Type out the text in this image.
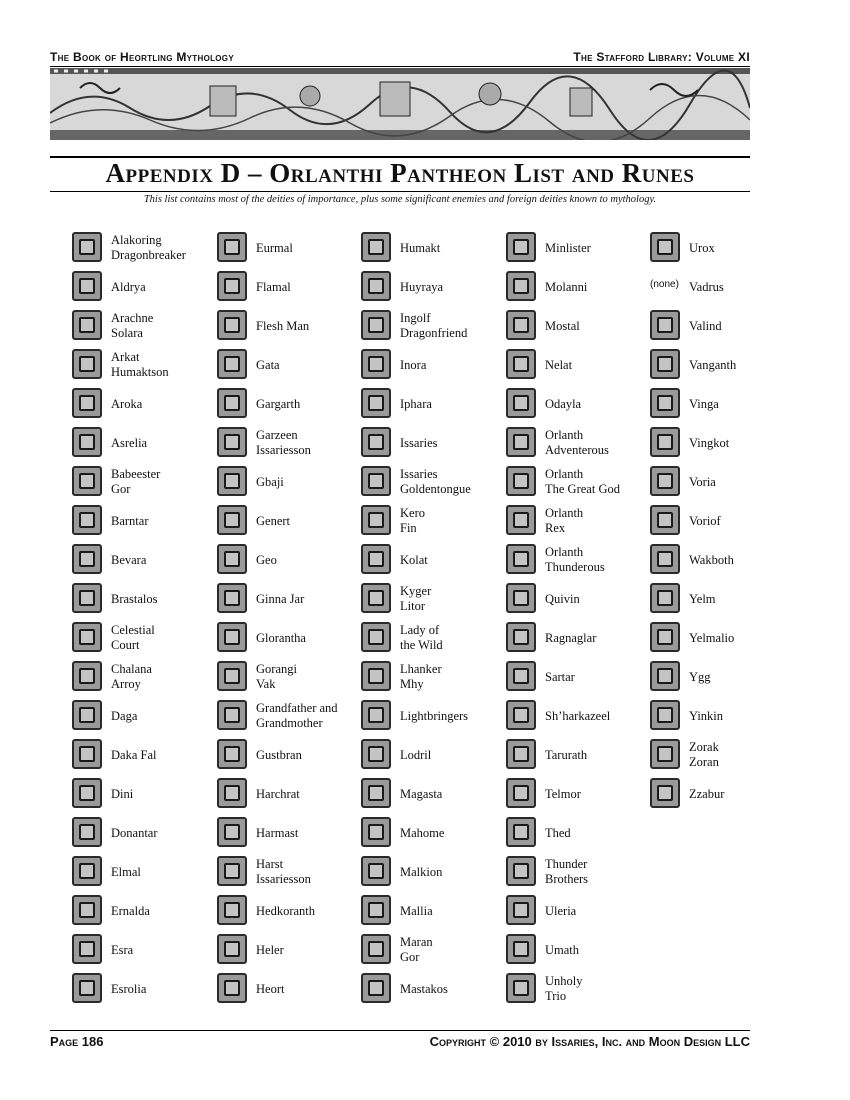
The Book of Heortling Mythology	The Stafford Library: Volume XI
Appendix D – Orlanthi Pantheon List and Runes
This list contains most of the deities of importance, plus some significant enemies and foreign deities known to mythology.
Alakoring
Dragonbreaker
Aldrya
Arachne
Solara
Arkat
Humaktson
Aroka
Asrelia
Babeester
Gor
Barntar
Bevara
Brastalos
Celestial
Court
Chalana
Arroy
Daga
Daka Fal
Dini
Donantar
Elmal
Ernalda
Esra
Esrolia
Eurmal
Flamal
Flesh Man
Gata
Gargarth
Garzeen
Issariesson
Gbaji
Genert
Geo
Ginna Jar
Glorantha
Gorangi
Vak
Grandfather and
Grandmother
Gustbran
Harchrat
Harmast
Harst
Issariesson
Hedkoranth
Heler
Heort
Humakt
Huyraya
Ingolf
Dragonfriend
Inora
Iphara
Issaries
Issaries
Goldentongue
Kero
Fin
Kolat
Kyger
Litor
Lady of
the Wild
Lhanker
Mhy
Lightbringers
Lodril
Magasta
Mahome
Malkion
Mallia
Maran
Gor
Mastakos
Minlister
Molanni
Mostal
Nelat
Odayla
Orlanth
Adventerous
Orlanth
The Great God
Orlanth
Rex
Orlanth
Thunderous
Quivin
Ragnaglar
Sartar
Sh’harkazeel
Tarurath
Telmor
Thed
Thunder
Brothers
Uleria
Umath
Unholy
Trio
Urox
(none) Vadrus
Valind
Vanganth
Vinga
Vingkot
Voria
Voriof
Wakboth
Yelm
Yelmalio
Ygg
Yinkin
Zorak
Zoran
Zzabur
Page 186	Copyright © 2010 by Issaries, Inc. and Moon Design LLC
